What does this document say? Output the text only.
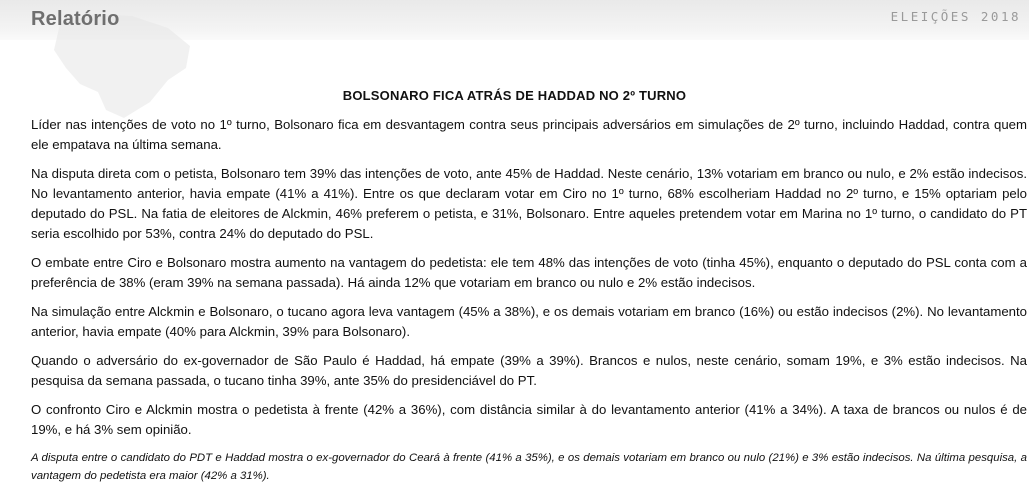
Relatório	ELEIÇÕES 2018
BOLSONARO FICA ATRÁS DE HADDAD NO 2º TURNO

Líder nas intenções de voto no 1º turno, Bolsonaro fica em desvantagem contra seus principais adversários em simulações de 2º turno, incluindo Haddad, contra quem ele empatava na última semana.

Na disputa direta com o petista, Bolsonaro tem 39% das intenções de voto, ante 45% de Haddad. Neste cenário, 13% votariam em branco ou nulo, e 2% estão indecisos. No levantamento anterior, havia empate (41% a 41%). Entre os que declaram votar em Ciro no 1º turno, 68% escolheriam Haddad no 2º turno, e 15% optariam pelo deputado do PSL. Na fatia de eleitores de Alckmin, 46% preferem o petista, e 31%, Bolsonaro. Entre aqueles pretendem votar em Marina no 1º turno, o candidato do PT seria escolhido por 53%, contra 24% do deputado do PSL.

O embate entre Ciro e Bolsonaro mostra aumento na vantagem do pedetista: ele tem 48% das intenções de voto (tinha 45%), enquanto o deputado do PSL conta com a preferência de 38% (eram 39% na semana passada). Há ainda 12% que votariam em branco ou nulo e 2% estão indecisos.

Na simulação entre Alckmin e Bolsonaro, o tucano agora leva vantagem (45% a 38%), e os demais votariam em branco (16%) ou estão indecisos (2%). No levantamento anterior, havia empate (40% para Alckmin, 39% para Bolsonaro).

Quando o adversário do ex-governador de São Paulo é Haddad, há empate (39% a 39%). Brancos e nulos, neste cenário, somam 19%, e 3% estão indecisos. Na pesquisa da semana passada, o tucano tinha 39%, ante 35% do presidenciável do PT.

O confronto Ciro e Alckmin mostra o pedetista à frente (42% a 36%), com distância similar à do levantamento anterior (41% a 34%). A taxa de brancos ou nulos é de 19%, e há 3% sem opinião.

A disputa entre o candidato do PDT e Haddad mostra o ex-governador do Ceará à frente (41% a 35%), e os demais votariam em branco ou nulo (21%) e 3% estão indecisos. Na última pesquisa, a vantagem do pedetista era maior (42% a 31%).
